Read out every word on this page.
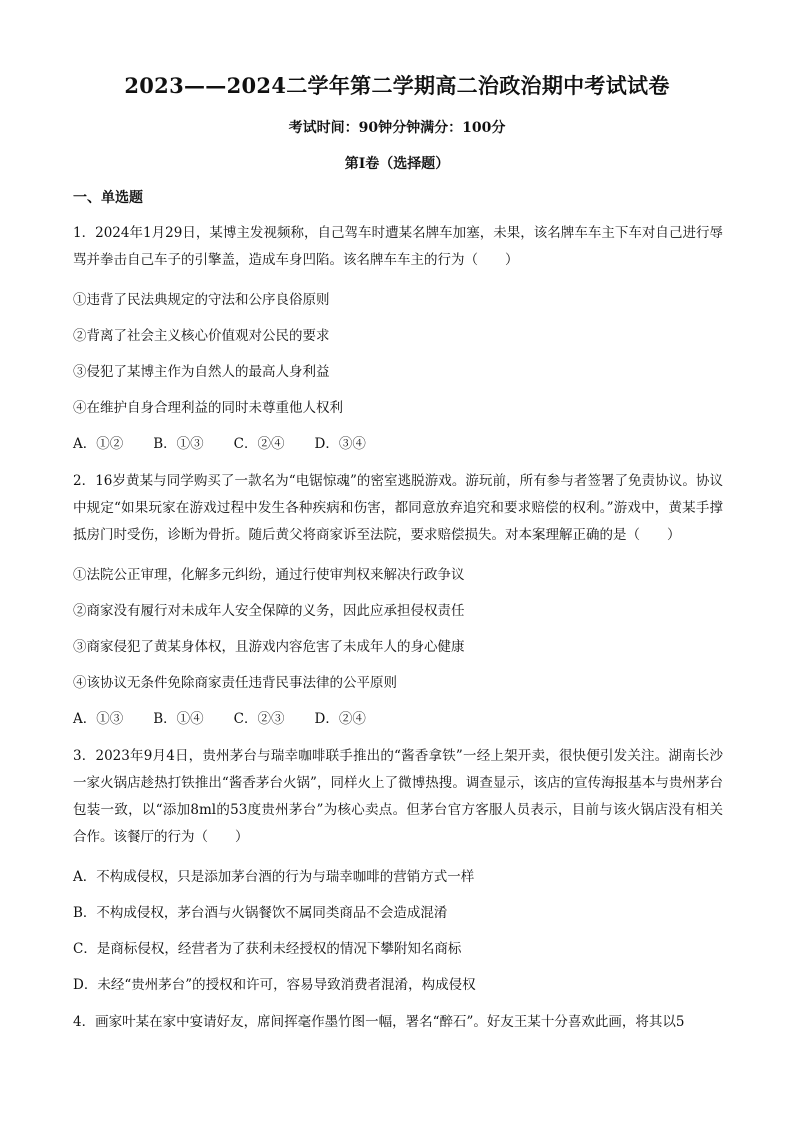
2023——2024二学年第二学期高二治政治期中考试试卷
考试时间：90钟分钟满分：100分
第Ⅰ卷（选择题）
一、单选题

1．2024年1月29日，某博主发视频称，自己驾车时遭某名牌车加塞，未果，该名牌车车主下车对自己进行辱骂并拳击自己车子的引擎盖，造成车身凹陷。该名牌车车主的行为（　　）

①违背了民法典规定的守法和公序良俗原则

②背离了社会主义核心价值观对公民的要求

③侵犯了某博主作为自然人的最高人身利益

④在维护自身合理利益的同时未尊重他人权利

A．①② B．①③ C．②④ D．③④

2．16岁黄某与同学购买了一款名为“电锯惊魂”的密室逃脱游戏。游玩前，所有参与者签署了免责协议。协议中规定“如果玩家在游戏过程中发生各种疾病和伤害，都同意放弃追究和要求赔偿的权利。”游戏中，黄某手撑抵房门时受伤，诊断为骨折。随后黄父将商家诉至法院，要求赔偿损失。对本案理解正确的是（　　）

①法院公正审理，化解多元纠纷，通过行使审判权来解决行政争议

②商家没有履行对未成年人安全保障的义务，因此应承担侵权责任

③商家侵犯了黄某身体权，且游戏内容危害了未成年人的身心健康

④该协议无条件免除商家责任违背民事法律的公平原则

A．①③ B．①④ C．②③ D．②④

3．2023年9月4日，贵州茅台与瑞幸咖啡联手推出的“酱香拿铁”一经上架开卖，很快便引发关注。湖南长沙一家火锅店趁热打铁推出“酱香茅台火锅”，同样火上了微博热搜。调查显示，该店的宣传海报基本与贵州茅台包装一致，以“添加8ml的53度贵州茅台”为核心卖点。但茅台官方客服人员表示，目前与该火锅店没有相关合作。该餐厅的行为（　　）

A．不构成侵权，只是添加茅台酒的行为与瑞幸咖啡的营销方式一样

B．不构成侵权，茅台酒与火锅餐饮不属同类商品不会造成混淆

C．是商标侵权，经营者为了获利未经授权的情况下攀附知名商标

D．未经“贵州茅台”的授权和许可，容易导致消费者混淆，构成侵权

4．画家叶某在家中宴请好友，席间挥毫作墨竹图一幅，署名“醉石”。好友王某十分喜欢此画，将其以5
